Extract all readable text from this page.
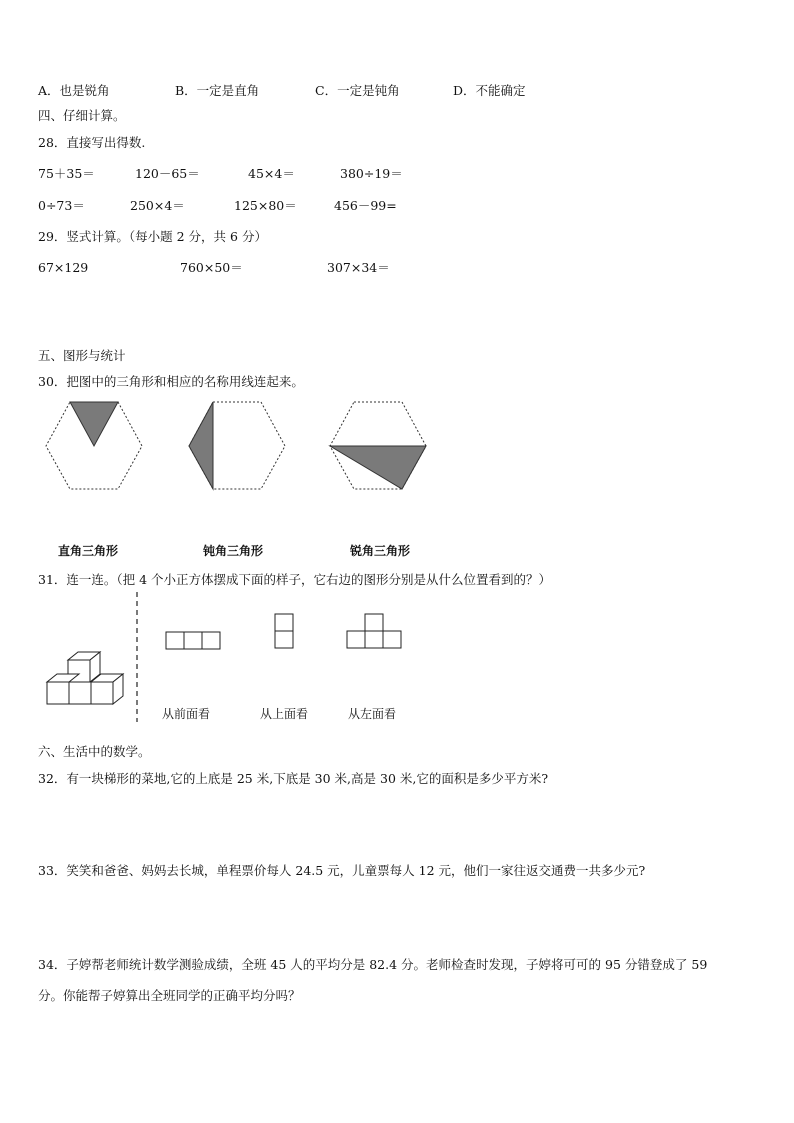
A．也是锐角	B．一定是直角	C．一定是钝角	D．不能确定
四、仔细计算。
28．直接写出得数.
75＋35＝	120－65＝	45×4＝	380÷19＝
0÷73＝	250×4＝	125×80＝	456－99=
29．竖式计算。（每小题 2 分，共 6 分）
67×129	760×50＝	307×34＝
五、图形与统计
30．把图中的三角形和相应的名称用线连起来。
直角三角形	钝角三角形	锐角三角形
31．连一连。（把 4 个小正方体摆成下面的样子，它右边的图形分别是从什么位置看到的？）
从前面看	从上面看	从左面看
六、生活中的数学。
32．有一块梯形的菜地,它的上底是 25 米,下底是 30 米,高是 30 米,它的面积是多少平方米?
33．笑笑和爸爸、妈妈去长城，单程票价每人 24.5 元，儿童票每人 12 元，他们一家往返交通费一共多少元?
34．子婷帮老师统计数学测验成绩，全班 45 人的平均分是 82.4 分。老师检查时发现，子婷将可可的 95 分错登成了 59
分。你能帮子婷算出全班同学的正确平均分吗？
